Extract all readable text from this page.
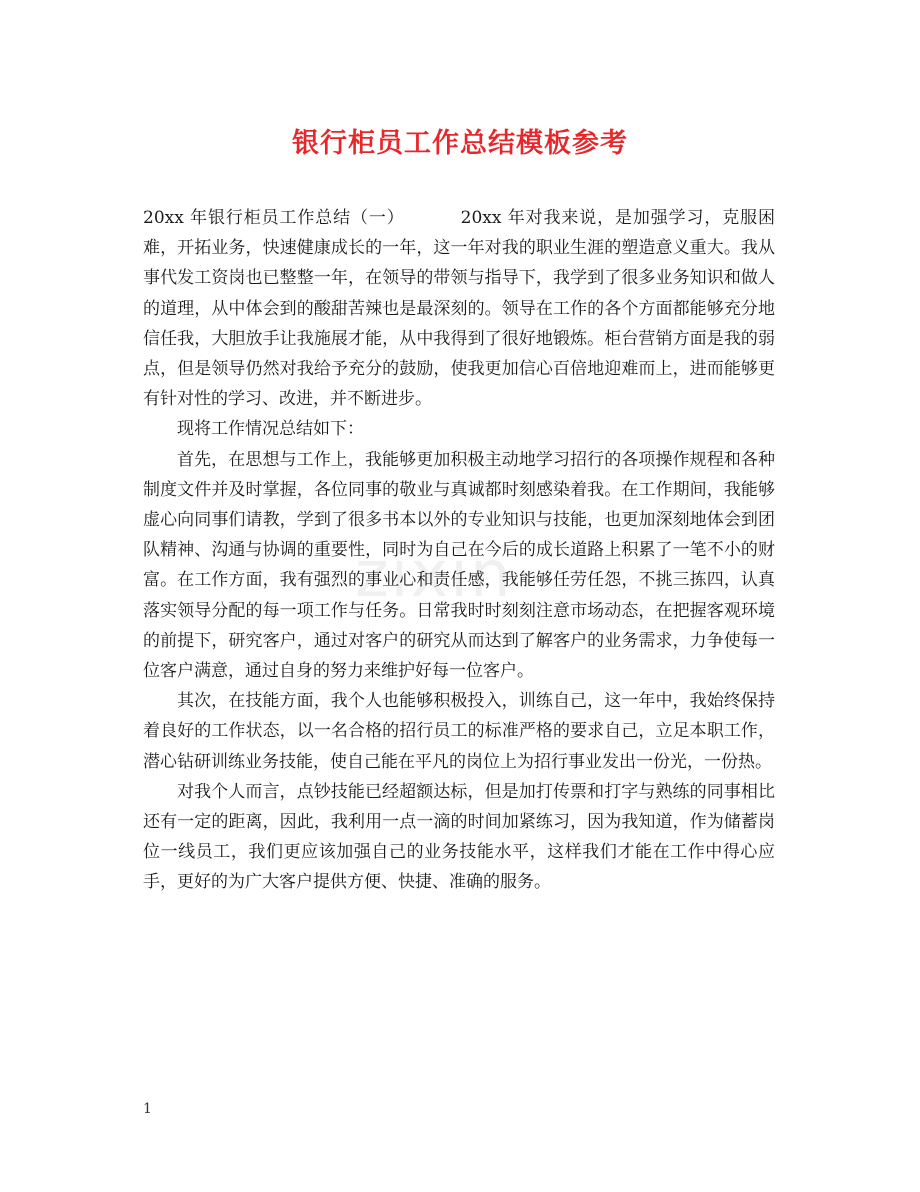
银行柜员工作总结模板参考
zixin

20xx 年银行柜员工作总结（一）	20xx 年对我来说，是加强学习，克服困难，开拓业务，快速健康成长的一年，这一年对我的职业生涯的塑造意义重大。我从事代发工资岗也已整整一年，在领导的带领与指导下，我学到了很多业务知识和做人的道理，从中体会到的酸甜苦辣也是最深刻的。领导在工作的各个方面都能够充分地信任我，大胆放手让我施展才能，从中我得到了很好地锻炼。柜台营销方面是我的弱点，但是领导仍然对我给予充分的鼓励，使我更加信心百倍地迎难而上，进而能够更有针对性的学习、改进，并不断进步。

现将工作情况总结如下：

首先，在思想与工作上，我能够更加积极主动地学习招行的各项操作规程和各种制度文件并及时掌握，各位同事的敬业与真诚都时刻感染着我。在工作期间，我能够虚心向同事们请教，学到了很多书本以外的专业知识与技能，也更加深刻地体会到团队精神、沟通与协调的重要性，同时为自己在今后的成长道路上积累了一笔不小的财富。在工作方面，我有强烈的事业心和责任感，我能够任劳任怨，不挑三拣四，认真落实领导分配的每一项工作与任务。日常我时时刻刻注意市场动态，在把握客观环境的前提下，研究客户，通过对客户的研究从而达到了解客户的业务需求，力争使每一位客户满意，通过自身的努力来维护好每一位客户。

其次，在技能方面，我个人也能够积极投入，训练自己，这一年中，我始终保持着良好的工作状态，以一名合格的招行员工的标准严格的要求自己，立足本职工作，潜心钻研训练业务技能，使自己能在平凡的岗位上为招行事业发出一份光，一份热。

对我个人而言，点钞技能已经超额达标，但是加打传票和打字与熟练的同事相比还有一定的距离，因此，我利用一点一滴的时间加紧练习，因为我知道，作为储蓄岗位一线员工，我们更应该加强自己的业务技能水平，这样我们才能在工作中得心应手，更好的为广大客户提供方便、快捷、准确的服务。

1
